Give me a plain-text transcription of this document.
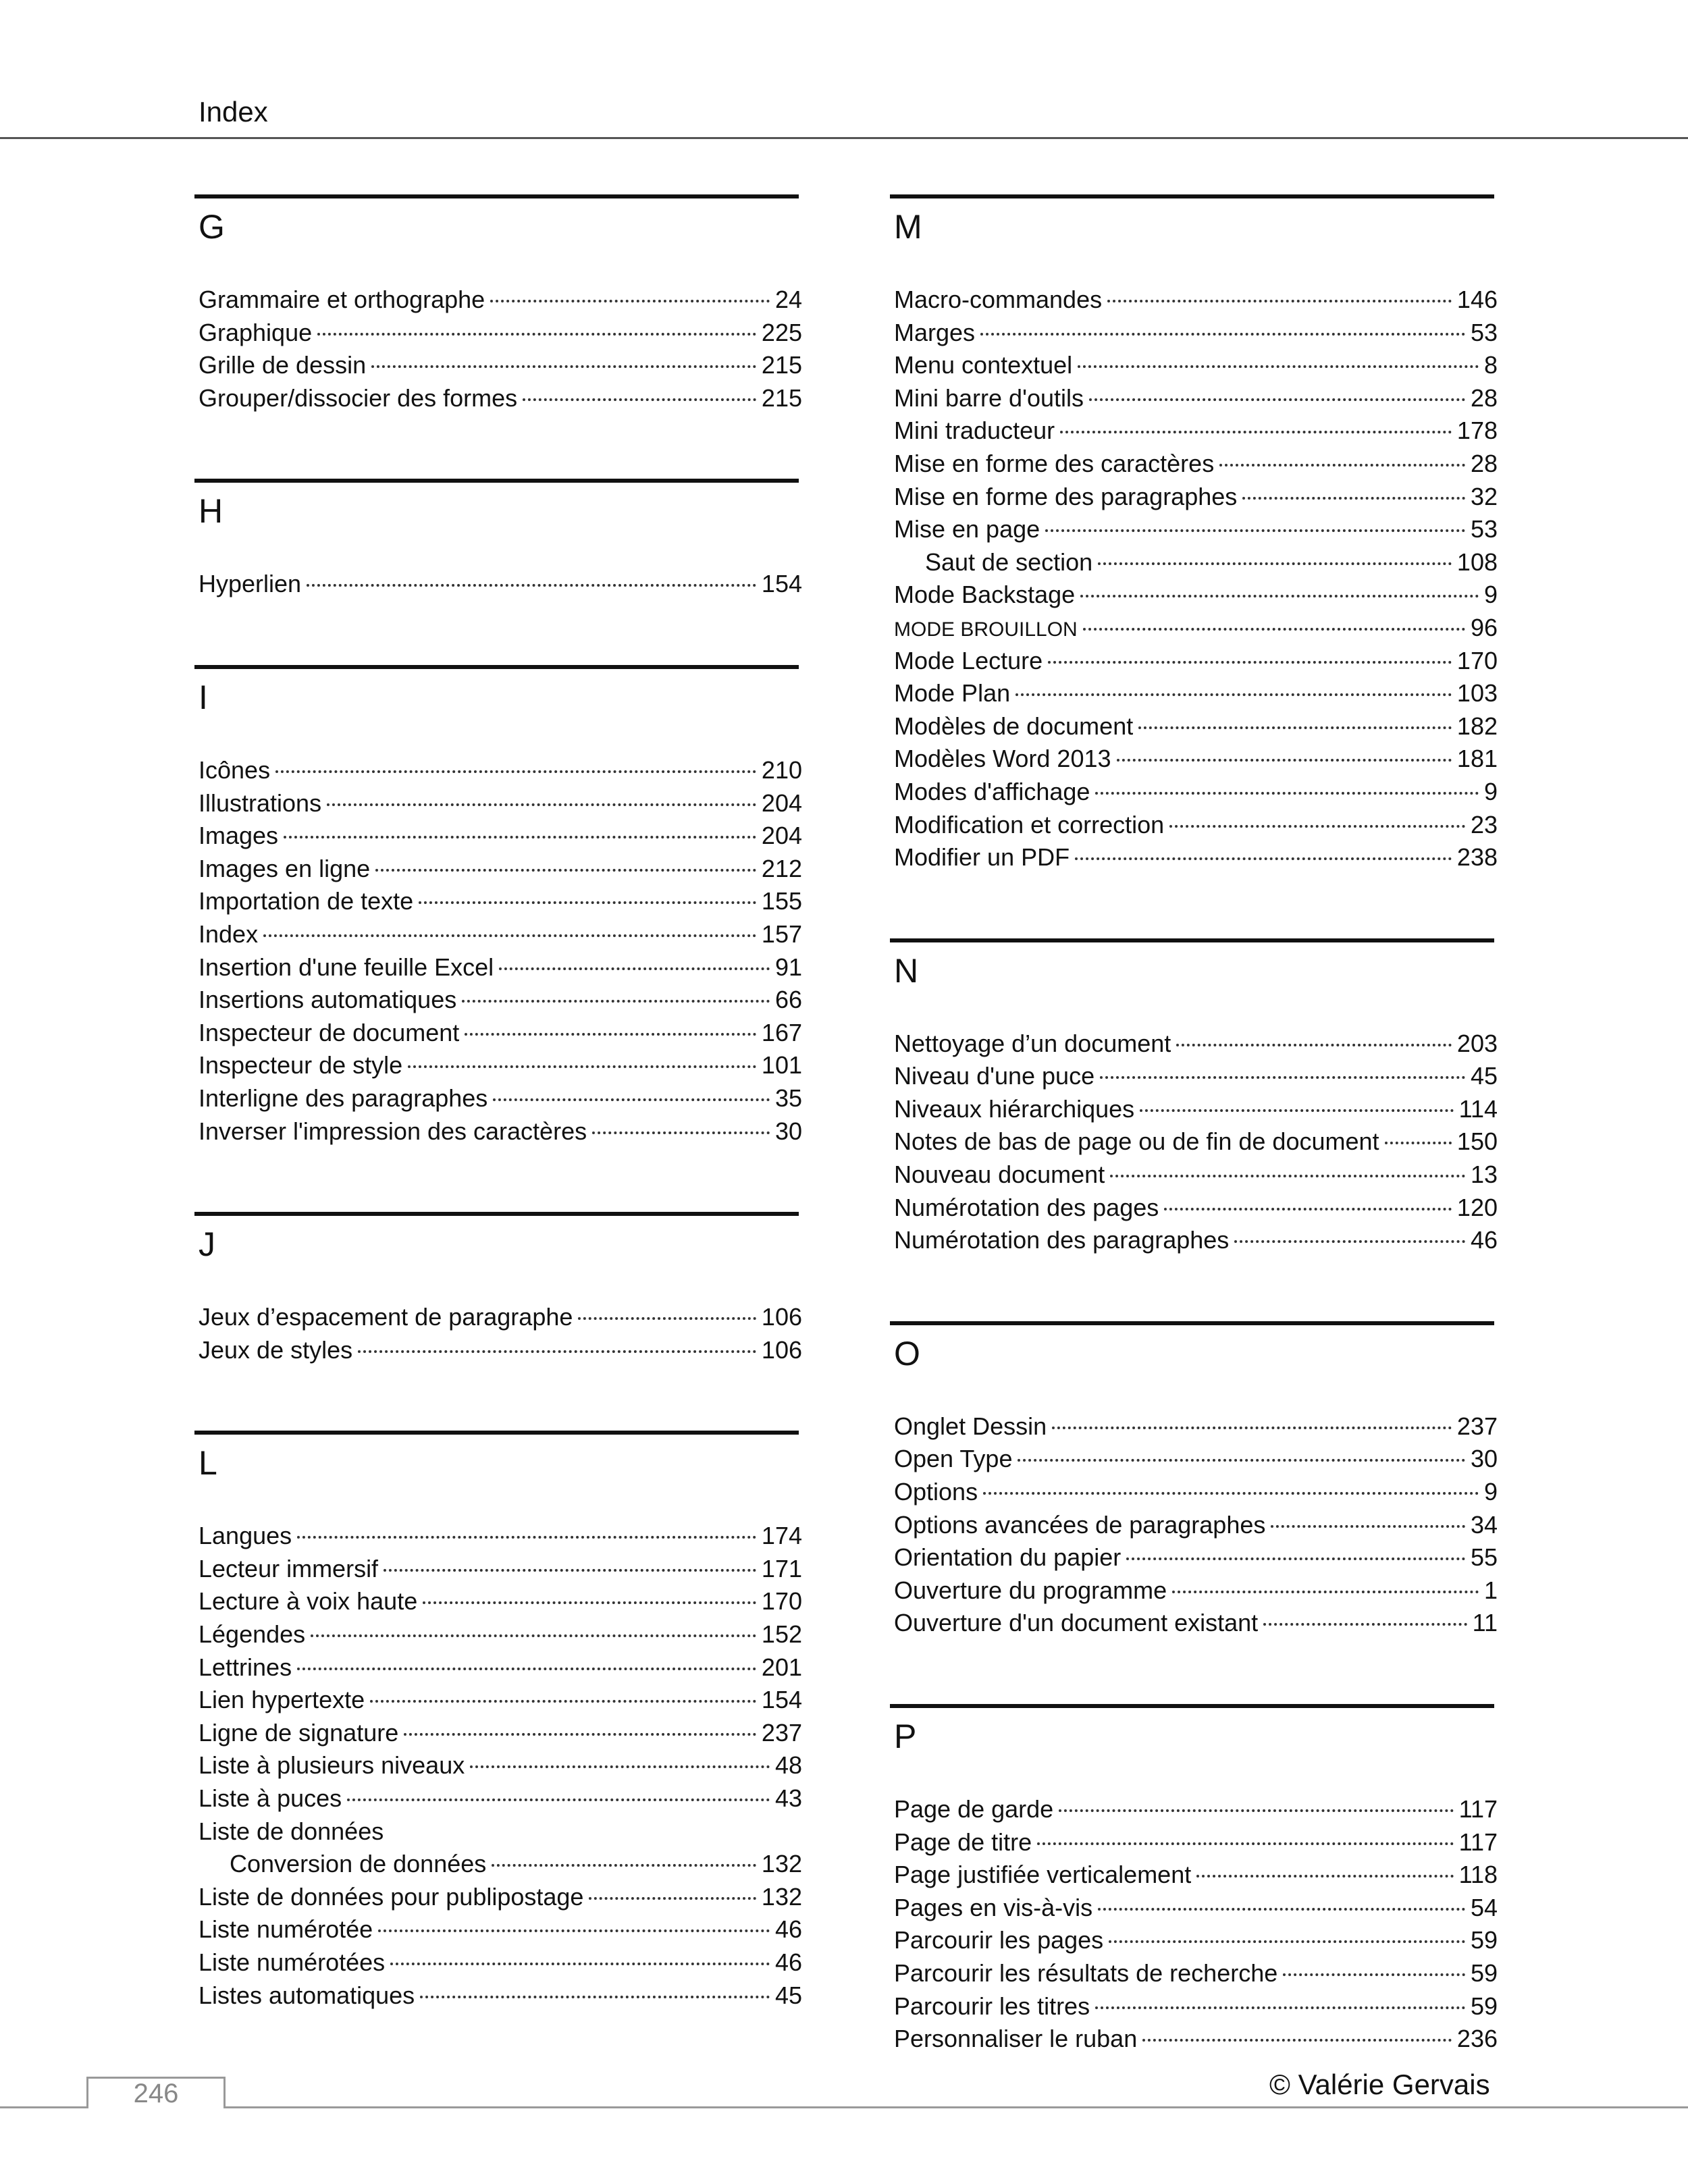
Index
G
Grammaire et orthographe	24
Graphique	225
Grille de dessin	215
Grouper/dissocier des formes	215
H
Hyperlien	154
I
Icônes	210
Illustrations	204
Images	204
Images en ligne	212
Importation de texte	155
Index	157
Insertion d'une feuille Excel	91
Insertions automatiques	66
Inspecteur de document	167
Inspecteur de style	101
Interligne des paragraphes	35
Inverser l'impression des caractères	30
J
Jeux d’espacement de paragraphe	106
Jeux de styles	106
L
Langues	174
Lecteur immersif	171
Lecture à voix haute	170
Légendes	152
Lettrines	201
Lien hypertexte	154
Ligne de signature	237
Liste à plusieurs niveaux	48
Liste à puces	43
Liste de données
Conversion de données	132
Liste de données pour publipostage	132
Liste numérotée	46
Liste numérotées	46
Listes automatiques	45
M
Macro-commandes	146
Marges	53
Menu contextuel	8
Mini barre d'outils	28
Mini traducteur	178
Mise en forme des caractères	28
Mise en forme des paragraphes	32
Mise en page	53
Saut de section	108
Mode Backstage	9
MODE BROUILLON	96
Mode Lecture	170
Mode Plan	103
Modèles de document	182
Modèles Word 2013	181
Modes d'affichage	9
Modification et correction	23
Modifier un PDF	238
N
Nettoyage d’un document	203
Niveau d'une puce	45
Niveaux hiérarchiques	114
Notes de bas de page ou de fin de document	150
Nouveau document	13
Numérotation des pages	120
Numérotation des paragraphes	46
O
Onglet Dessin	237
Open Type	30
Options	9
Options avancées de paragraphes	34
Orientation du papier	55
Ouverture du programme	1
Ouverture d'un document existant	11
P
Page de garde	117
Page de titre	117
Page justifiée verticalement	118
Pages en vis-à-vis	54
Parcourir les pages	59
Parcourir les résultats de recherche	59
Parcourir les titres	59
Personnaliser le ruban	236
246	© Valérie Gervais
